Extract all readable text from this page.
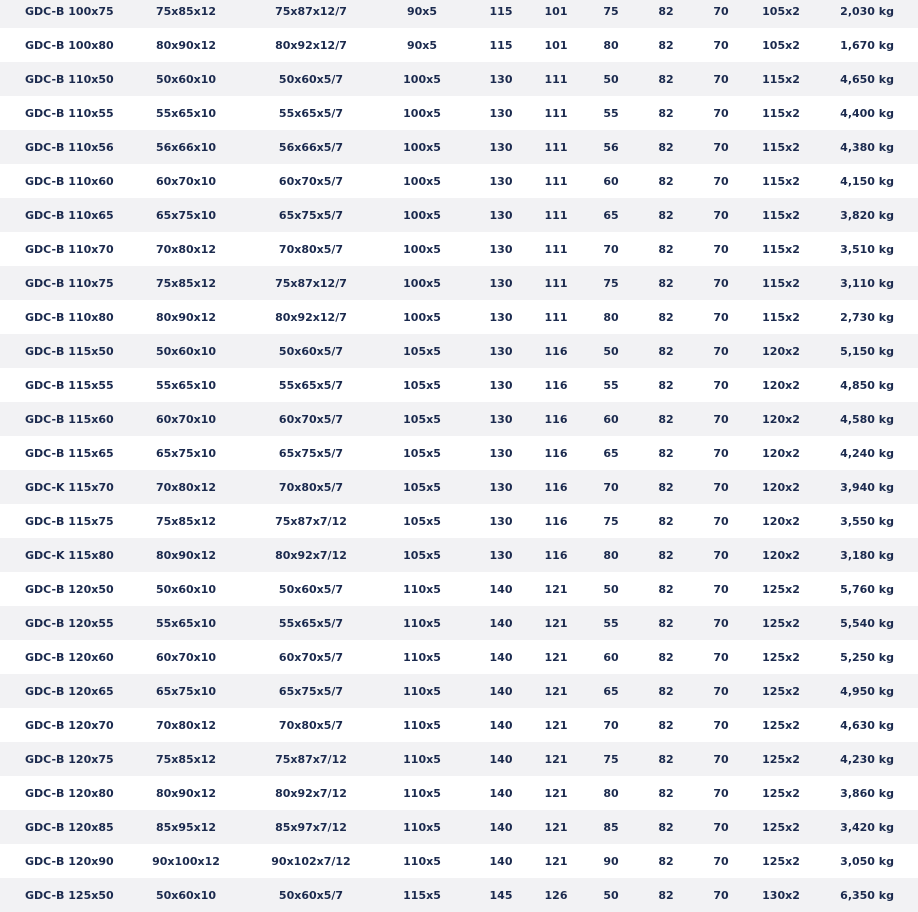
GDC-B 100x75	75x85x12	75x87x12/7	90x5	115	101	75	82	70	105x2	2,030 kg
GDC-B 100x80	80x90x12	80x92x12/7	90x5	115	101	80	82	70	105x2	1,670 kg
GDC-B 110x50	50x60x10	50x60x5/7	100x5	130	111	50	82	70	115x2	4,650 kg
GDC-B 110x55	55x65x10	55x65x5/7	100x5	130	111	55	82	70	115x2	4,400 kg
GDC-B 110x56	56x66x10	56x66x5/7	100x5	130	111	56	82	70	115x2	4,380 kg
GDC-B 110x60	60x70x10	60x70x5/7	100x5	130	111	60	82	70	115x2	4,150 kg
GDC-B 110x65	65x75x10	65x75x5/7	100x5	130	111	65	82	70	115x2	3,820 kg
GDC-B 110x70	70x80x12	70x80x5/7	100x5	130	111	70	82	70	115x2	3,510 kg
GDC-B 110x75	75x85x12	75x87x12/7	100x5	130	111	75	82	70	115x2	3,110 kg
GDC-B 110x80	80x90x12	80x92x12/7	100x5	130	111	80	82	70	115x2	2,730 kg
GDC-B 115x50	50x60x10	50x60x5/7	105x5	130	116	50	82	70	120x2	5,150 kg
GDC-B 115x55	55x65x10	55x65x5/7	105x5	130	116	55	82	70	120x2	4,850 kg
GDC-B 115x60	60x70x10	60x70x5/7	105x5	130	116	60	82	70	120x2	4,580 kg
GDC-B 115x65	65x75x10	65x75x5/7	105x5	130	116	65	82	70	120x2	4,240 kg
GDC-K 115x70	70x80x12	70x80x5/7	105x5	130	116	70	82	70	120x2	3,940 kg
GDC-B 115x75	75x85x12	75x87x7/12	105x5	130	116	75	82	70	120x2	3,550 kg
GDC-K 115x80	80x90x12	80x92x7/12	105x5	130	116	80	82	70	120x2	3,180 kg
GDC-B 120x50	50x60x10	50x60x5/7	110x5	140	121	50	82	70	125x2	5,760 kg
GDC-B 120x55	55x65x10	55x65x5/7	110x5	140	121	55	82	70	125x2	5,540 kg
GDC-B 120x60	60x70x10	60x70x5/7	110x5	140	121	60	82	70	125x2	5,250 kg
GDC-B 120x65	65x75x10	65x75x5/7	110x5	140	121	65	82	70	125x2	4,950 kg
GDC-B 120x70	70x80x12	70x80x5/7	110x5	140	121	70	82	70	125x2	4,630 kg
GDC-B 120x75	75x85x12	75x87x7/12	110x5	140	121	75	82	70	125x2	4,230 kg
GDC-B 120x80	80x90x12	80x92x7/12	110x5	140	121	80	82	70	125x2	3,860 kg
GDC-B 120x85	85x95x12	85x97x7/12	110x5	140	121	85	82	70	125x2	3,420 kg
GDC-B 120x90	90x100x12	90x102x7/12	110x5	140	121	90	82	70	125x2	3,050 kg
GDC-B 125x50	50x60x10	50x60x5/7	115x5	145	126	50	82	70	130x2	6,350 kg
